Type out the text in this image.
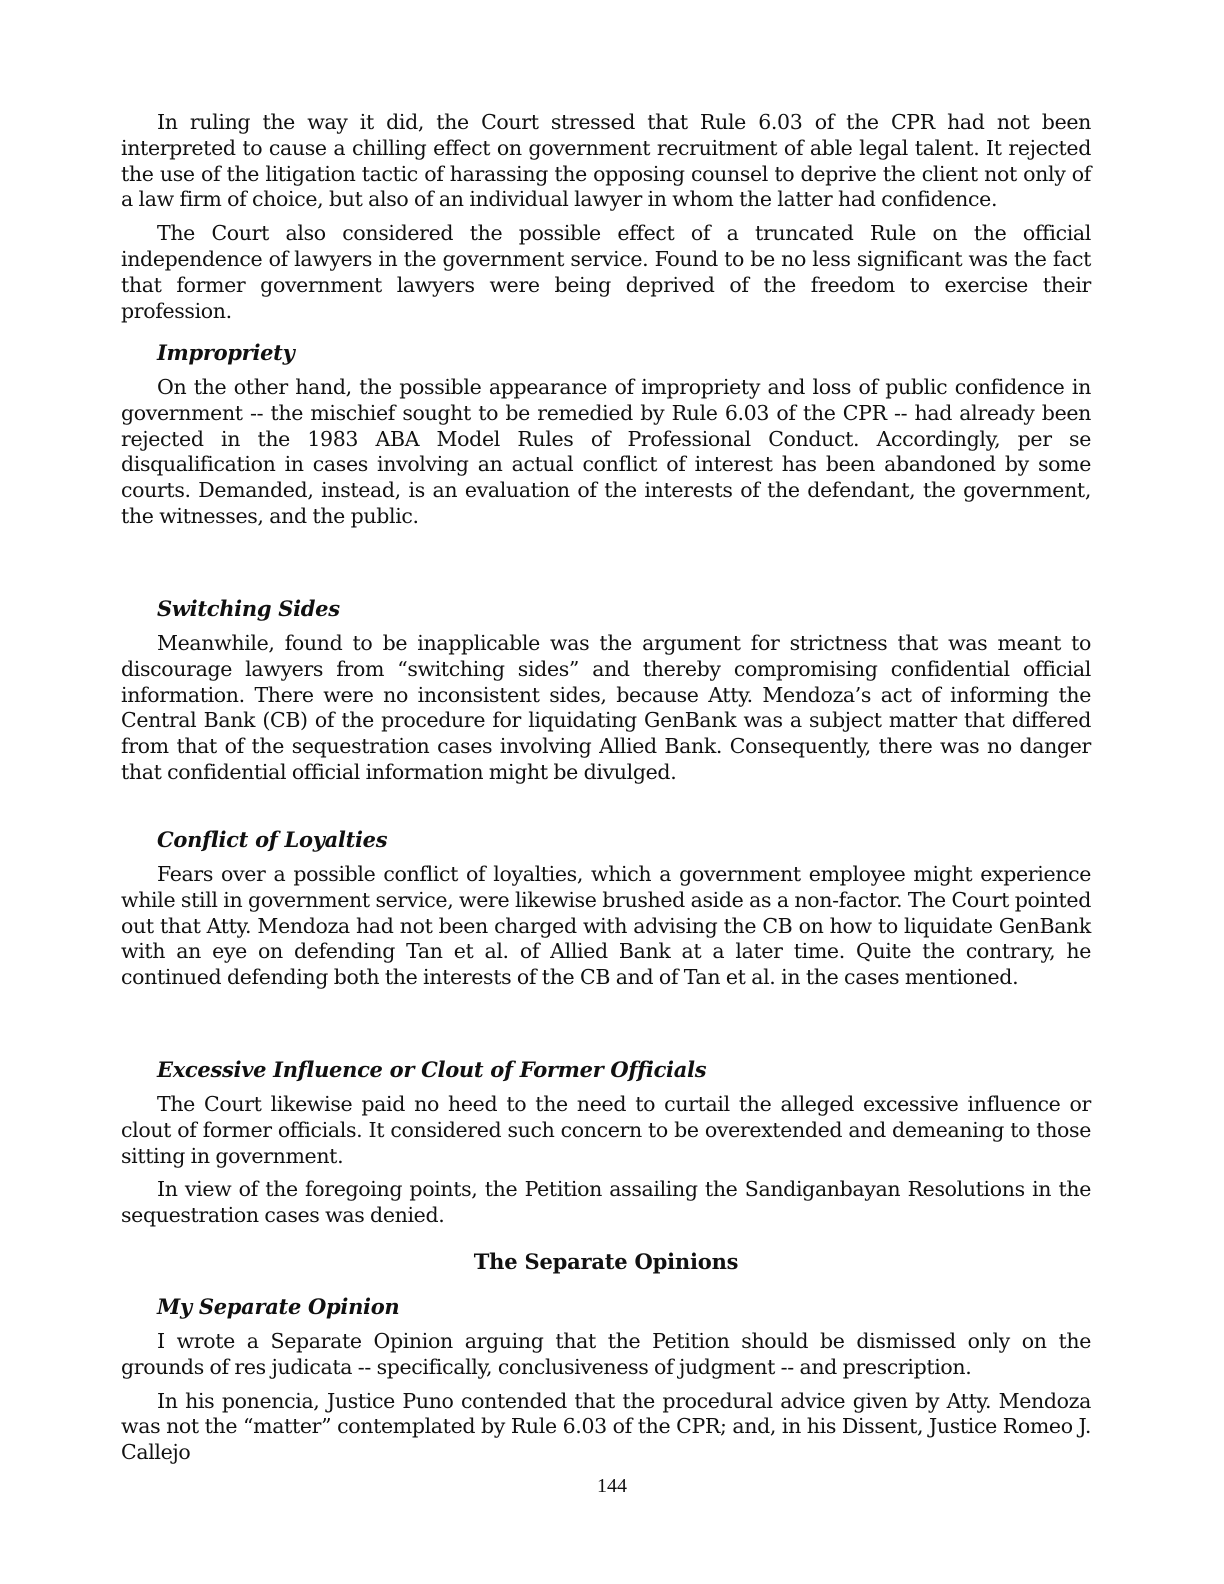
In ruling the way it did, the Court stressed that Rule 6.03 of the CPR had not been interpreted to cause a chilling effect on government recruitment of able legal talent. It rejected the use of the litigation tactic of harassing the opposing counsel to deprive the client not only of a law firm of choice, but also of an individual lawyer in whom the latter had confidence.

The Court also considered the possible effect of a truncated Rule on the official independence of lawyers in the government service. Found to be no less significant was the fact that former government lawyers were being deprived of the freedom to exercise their profession.

Impropriety

On the other hand, the possible appearance of impropriety and loss of public confidence in government -- the mischief sought to be remedied by Rule 6.03 of the CPR -- had already been rejected in the 1983 ABA Model Rules of Professional Conduct. Accordingly, per se disqualification in cases involving an actual conflict of interest has been abandoned by some courts. Demanded, instead, is an evaluation of the interests of the defendant, the government, the witnesses, and the public.

Switching Sides

Meanwhile, found to be inapplicable was the argument for strictness that was meant to discourage lawyers from “switching sides” and thereby compromising confidential official information. There were no inconsistent sides, because Atty. Mendoza’s act of informing the Central Bank (CB) of the procedure for liquidating GenBank was a subject matter that differed from that of the sequestration cases involving Allied Bank. Consequently, there was no danger that confidential official information might be divulged.

Conflict of Loyalties

Fears over a possible conflict of loyalties, which a government employee might experience while still in government service, were likewise brushed aside as a non-factor. The Court pointed out that Atty. Mendoza had not been charged with advising the CB on how to liquidate GenBank with an eye on defending Tan et al. of Allied Bank at a later time. Quite the contrary, he continued defending both the interests of the CB and of Tan et al. in the cases mentioned.

Excessive Influence or Clout of Former Officials

The Court likewise paid no heed to the need to curtail the alleged excessive influence or clout of former officials. It considered such concern to be overextended and demeaning to those sitting in government.

In view of the foregoing points, the Petition assailing the Sandiganbayan Resolutions in the sequestration cases was denied.

The Separate Opinions
My Separate Opinion

I wrote a Separate Opinion arguing that the Petition should be dismissed only on the grounds of res judicata -- specifically, conclusiveness of judgment -- and prescription.

In his ponencia, Justice Puno contended that the procedural advice given by Atty. Mendoza was not the “matter” contemplated by Rule 6.03 of the CPR; and, in his Dissent, Justice Romeo J. Callejo

144
